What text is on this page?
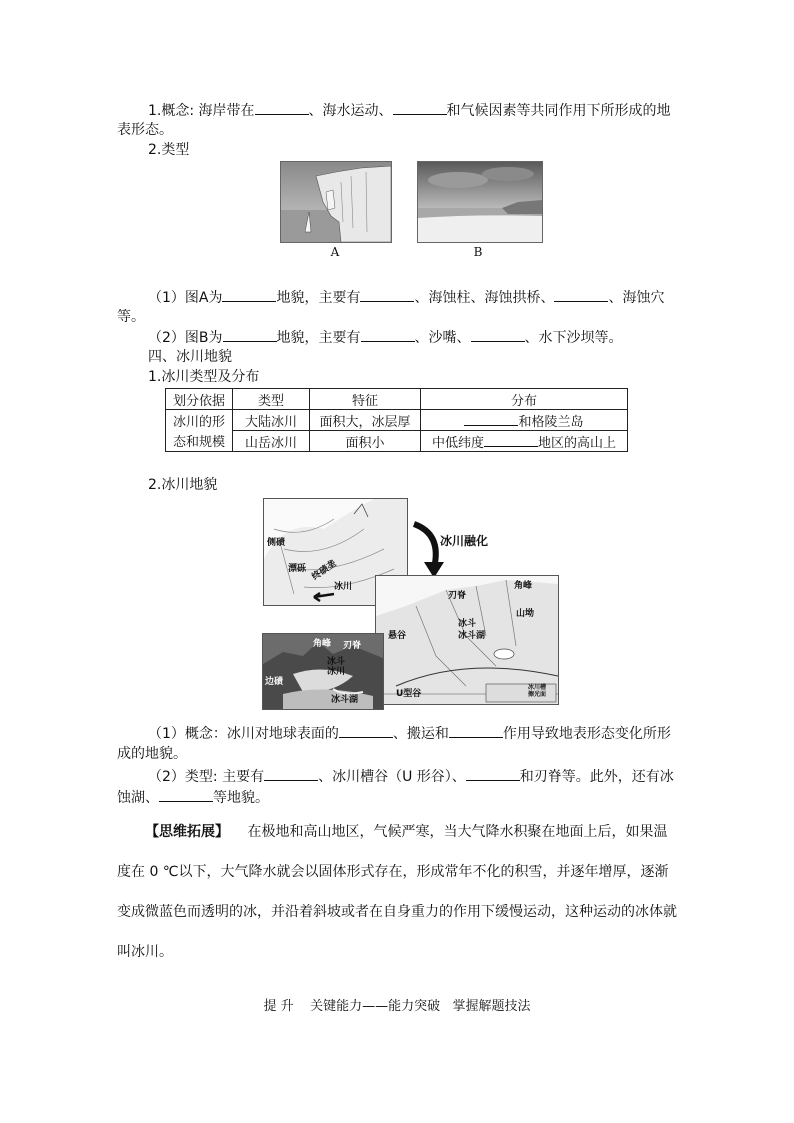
1.概念: 海岸带在	、海水运动、	和气候因素等共同作用下所形成的地
表形态。
2.类型
A	B
（1）图A为	地貌，主要有	、海蚀柱、海蚀拱桥、	、海蚀穴
等。
（2）图B为	地貌，主要有	、沙嘴、	、水下沙坝等。
四、冰川地貌
1.冰川类型及分布
划分依据	类型	特征	分布
冰川的形	大陆冰川	面积大，冰层厚	和格陵兰岛
态和规模	山岳冰川	面积小	中低纬度 地区的高山上
2.冰川地貌
侧碛
漂砾
冰川
终碛垄
冰川融化
角峰
刃脊
山坳
悬谷
冰斗
冰斗湖
U型谷
冰川槽 擦光面
角峰 刃脊
冰斗
冰川
边碛
冰斗湖
（1）概念：冰川对地球表面的	、搬运和	作用导致地表形态变化所形
成的地貌。
（2）类型: 主要有	、冰川槽谷（U 形谷）、	和刃脊等。此外，还有冰
蚀湖、	等地貌。
【思维拓展】 在极地和高山地区，气候严寒，当大气降水积聚在地面上后，如果温度在 0 ℃以下，大气降水就会以固体形式存在，形成常年不化的积雪，并逐年增厚，逐渐变成微蓝色而透明的冰，并沿着斜坡或者在自身重力的作用下缓慢运动，这种运动的冰体就叫冰川。
提 升    关键能力——能力突破   掌握解题技法
